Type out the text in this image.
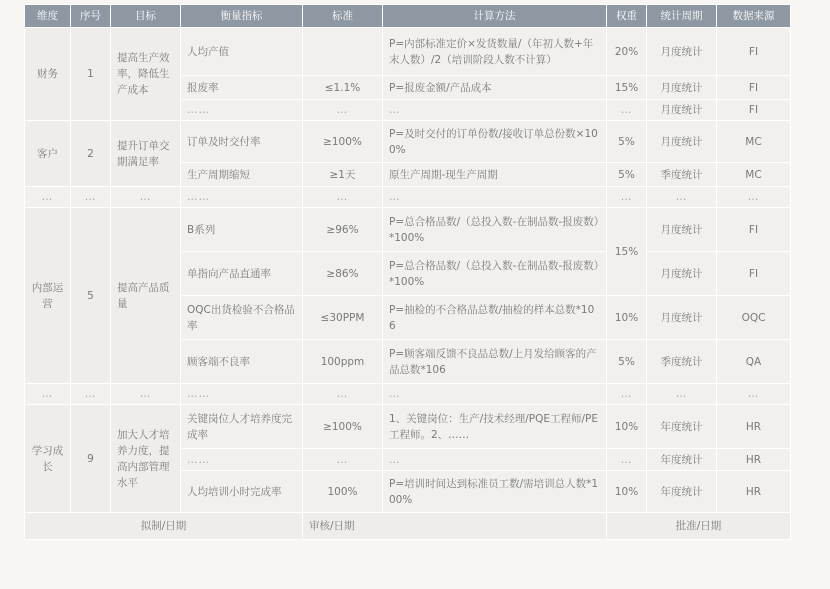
维度	序号	目标	衡量指标	标准	计算方法	权重	统计周期	数据来源
财务	1	提高生产效率，降低生产成本	人均产值		P=内部标准定价×发货数量/（年初人数+年末人数）/2（培训阶段人数不计算）	20%	月度统计	FI
			报废率	≤1.1%	P=报废金额/产品成本	15%	月度统计	FI
			……	…	…	…	月度统计	FI
客户	2	提升订单交期满足率	订单及时交付率	≥100%	P=及时交付的订单份数/接收订单总份数×100%	5%	月度统计	MC
			生产周期缩短	≥1天	原生产周期-现生产周期	5%	季度统计	MC
…	…	…	……	…	…	…	…	…
内部运营	5	提高产品质量	B系列	≥96%	P=总合格品数/（总投入数-在制品数-报废数）*100%	15%	月度统计	FI
			单指向产品直通率	≥86%	P=总合格品数/（总投入数-在制品数-报废数）*100%		月度统计	FI
			OQC出货检验不合格品率	≤30PPM	P=抽检的不合格品总数/抽检的样本总数*106	10%	月度统计	OQC
			顾客端不良率	100ppm	P=顾客端反馈不良品总数/上月发给顾客的产品总数*106	5%	季度统计	QA
…	…	…	……	…	…	…	…	…
学习成长	9	加大人才培养力度，提高内部管理水平	关键岗位人才培养度完成率	≥100%	1、关键岗位：生产/技术经理/PQE工程师/PE工程师。2、……	10%	年度统计	HR
			……	…	…	…	年度统计	HR
			人均培训小时完成率	100%	P=培训时间达到标准员工数/需培训总人数*100%	10%	年度统计	HR
拟制/日期				审核/日期		批准/日期		
